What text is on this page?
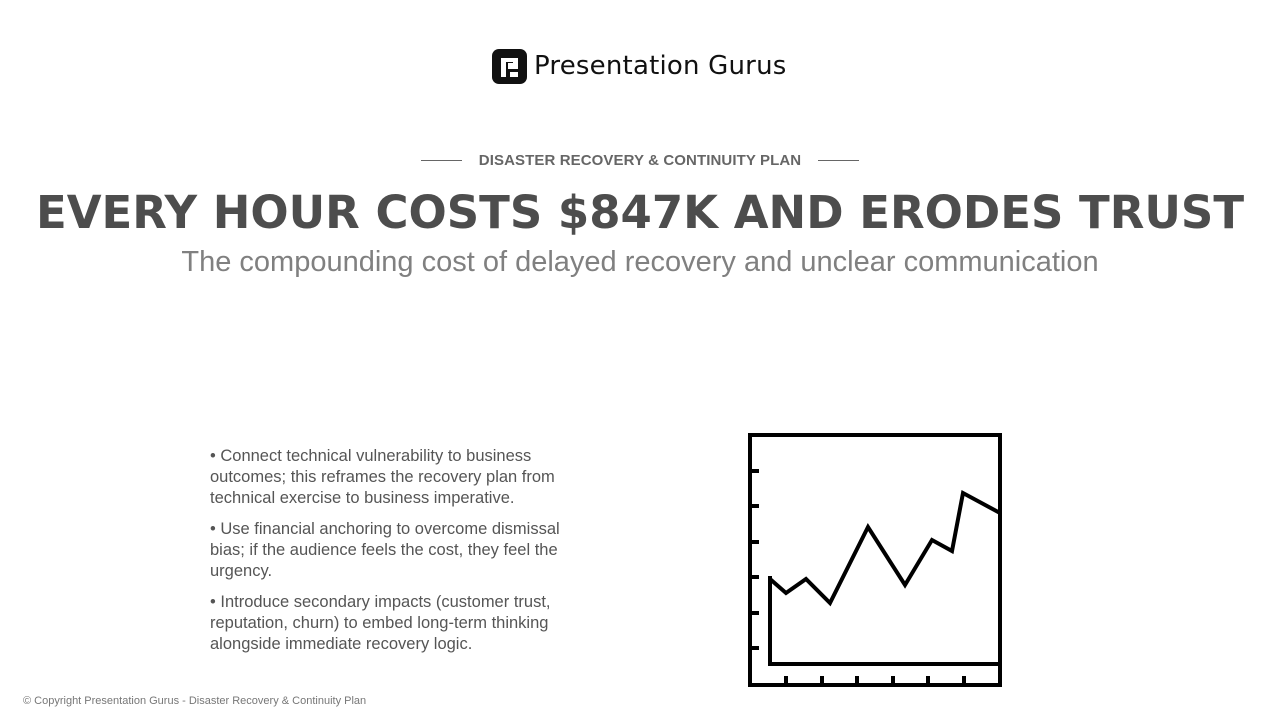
Presentation Gurus
DISASTER RECOVERY & CONTINUITY PLAN
EVERY HOUR COSTS $847K AND ERODES TRUST

The compounding cost of delayed recovery and unclear communication

• Connect technical vulnerability to business outcomes; this reframes the recovery plan from technical exercise to business imperative.
• Use financial anchoring to overcome dismissal bias; if the audience feels the cost, they feel the urgency.
• Introduce secondary impacts (customer trust, reputation, churn) to embed long-term thinking alongside immediate recovery logic.
© Copyright Presentation Gurus - Disaster Recovery & Continuity Plan
